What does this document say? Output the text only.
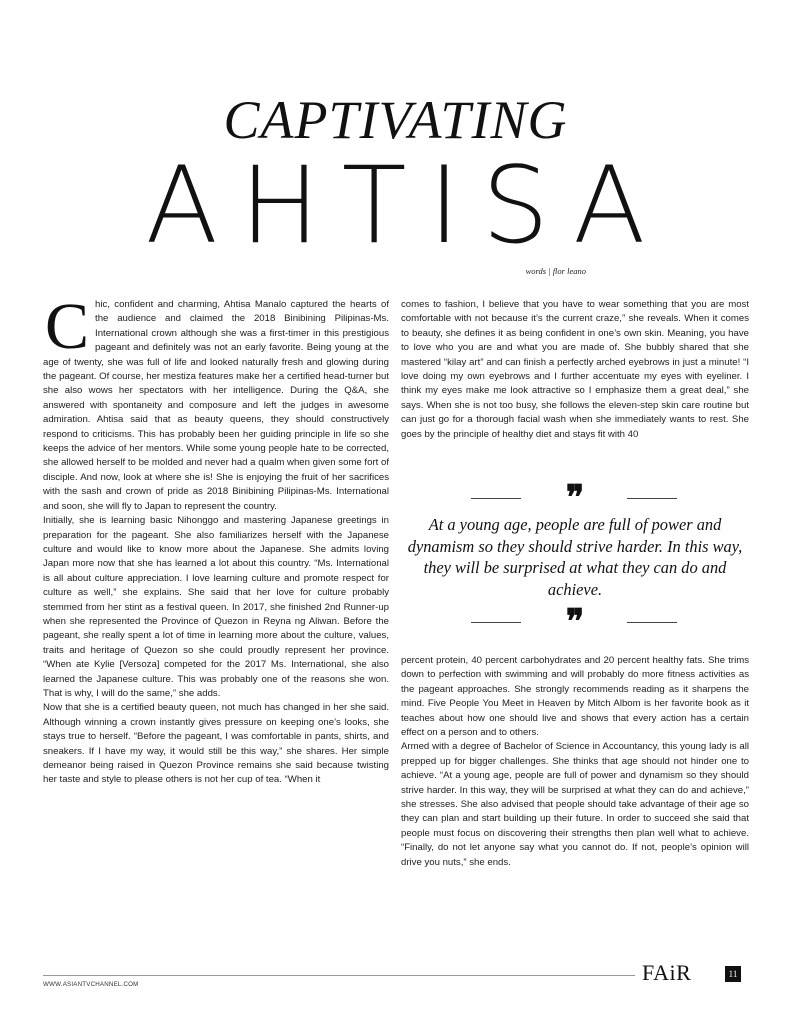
CAPTIVATING
AHTISA
words | flor leano
C hic, confident and charming, Ahtisa Manalo captured the hearts of the audience and claimed the 2018 Binibining Pilipinas-Ms. International crown although she was a first-timer in this prestigious pageant and definitely was not an early favorite. Being young at the age of twenty, she was full of life and looked naturally fresh and glowing during the pageant. Of course, her mestiza features make her a certified head-turner but she also wows her spectators with her intelligence. During the Q&A, she answered with spontaneity and composure and left the judges in awesome admiration. Ahtisa said that as beauty queens, they should constructively respond to criticisms. This has probably been her guiding principle in life so she keeps the advice of her mentors. While some young people hate to be corrected, she allowed herself to be molded and never had a qualm when given some fort of disciple. And now, look at where she is! She is enjoying the fruit of her sacrifices with the sash and crown of pride as 2018 Binibining Pilipinas-Ms. International and soon, she will fly to Japan to represent the country.

Initially, she is learning basic Nihonggo and mastering Japanese greetings in preparation for the pageant. She also familiarizes herself with the Japanese culture and would like to know more about the Japanese. She admits loving Japan more now that she has learned a lot about this country. “Ms. International is all about culture appreciation. I love learning culture and promote respect for culture as well,” she explains. She said that her love for culture probably stemmed from her stint as a festival queen. In 2017, she finished 2nd Runner-up when she represented the Province of Quezon in Reyna ng Aliwan. Before the pageant, she really spent a lot of time in learning more about the culture, values, traits and heritage of Quezon so she could proudly represent her province. “When ate Kylie [Versoza] competed for the 2017 Ms. International, she also learned the Japanese culture. This was probably one of the reasons she won. That is why, I will do the same,” she adds.

Now that she is a certified beauty queen, not much has changed in her she said. Although winning a crown instantly gives pressure on keeping one’s looks, she stays true to herself. “Before the pageant, I was comfortable in pants, shirts, and sneakers. If I have my way, it would still be this way,” she shares. Her simple demeanor being raised in Quezon Province remains she said because twisting her taste and style to please others is not her cup of tea. “When it

comes to fashion, I believe that you have to wear something that you are most comfortable with not because it’s the current craze,” she reveals. When it comes to beauty, she defines it as being confident in one’s own skin. Meaning, you have to love who you are and what you are made of. She bubbly shared that she mastered “kilay art” and can finish a perfectly arched eyebrows in just a minute! “I love doing my own eyebrows and I further accentuate my eyes with eyeliner. I think my eyes make me look attractive so I emphasize them a great deal,” she says. When she is not too busy, she follows the eleven-step skin care routine but can just go for a thorough facial wash when she immediately wants to rest. She goes by the principle of healthy diet and stays fit with 40

❞
At a young age, people are full of power and dynamism so they should strive harder. In this way, they will be surprised at what they can do and achieve.
❞

percent protein, 40 percent carbohydrates and 20 percent healthy fats. She trims down to perfection with swimming and will probably do more fitness activities as the pageant approaches. She strongly recommends reading as it sharpens the mind. Five People You Meet in Heaven by Mitch Albom is her favorite book as it teaches about how one should live and shows that every action has a certain effect on a person and to others.

Armed with a degree of Bachelor of Science in Accountancy, this young lady is all prepped up for bigger challenges. She thinks that age should not hinder one to achieve. “At a young age, people are full of power and dynamism so they should strive harder. In this way, they will be surprised at what they can do and achieve,” she stresses. She also advised that people should take advantage of their age so they can plan and start building up their future. In order to succeed she said that people must focus on discovering their strengths then plan well what to achieve. “Finally, do not let anyone say what you cannot do. If not, people’s opinion will drive you nuts,” she ends.

WWW.ASIANTVCHANNEL.COM	FAiR	11
